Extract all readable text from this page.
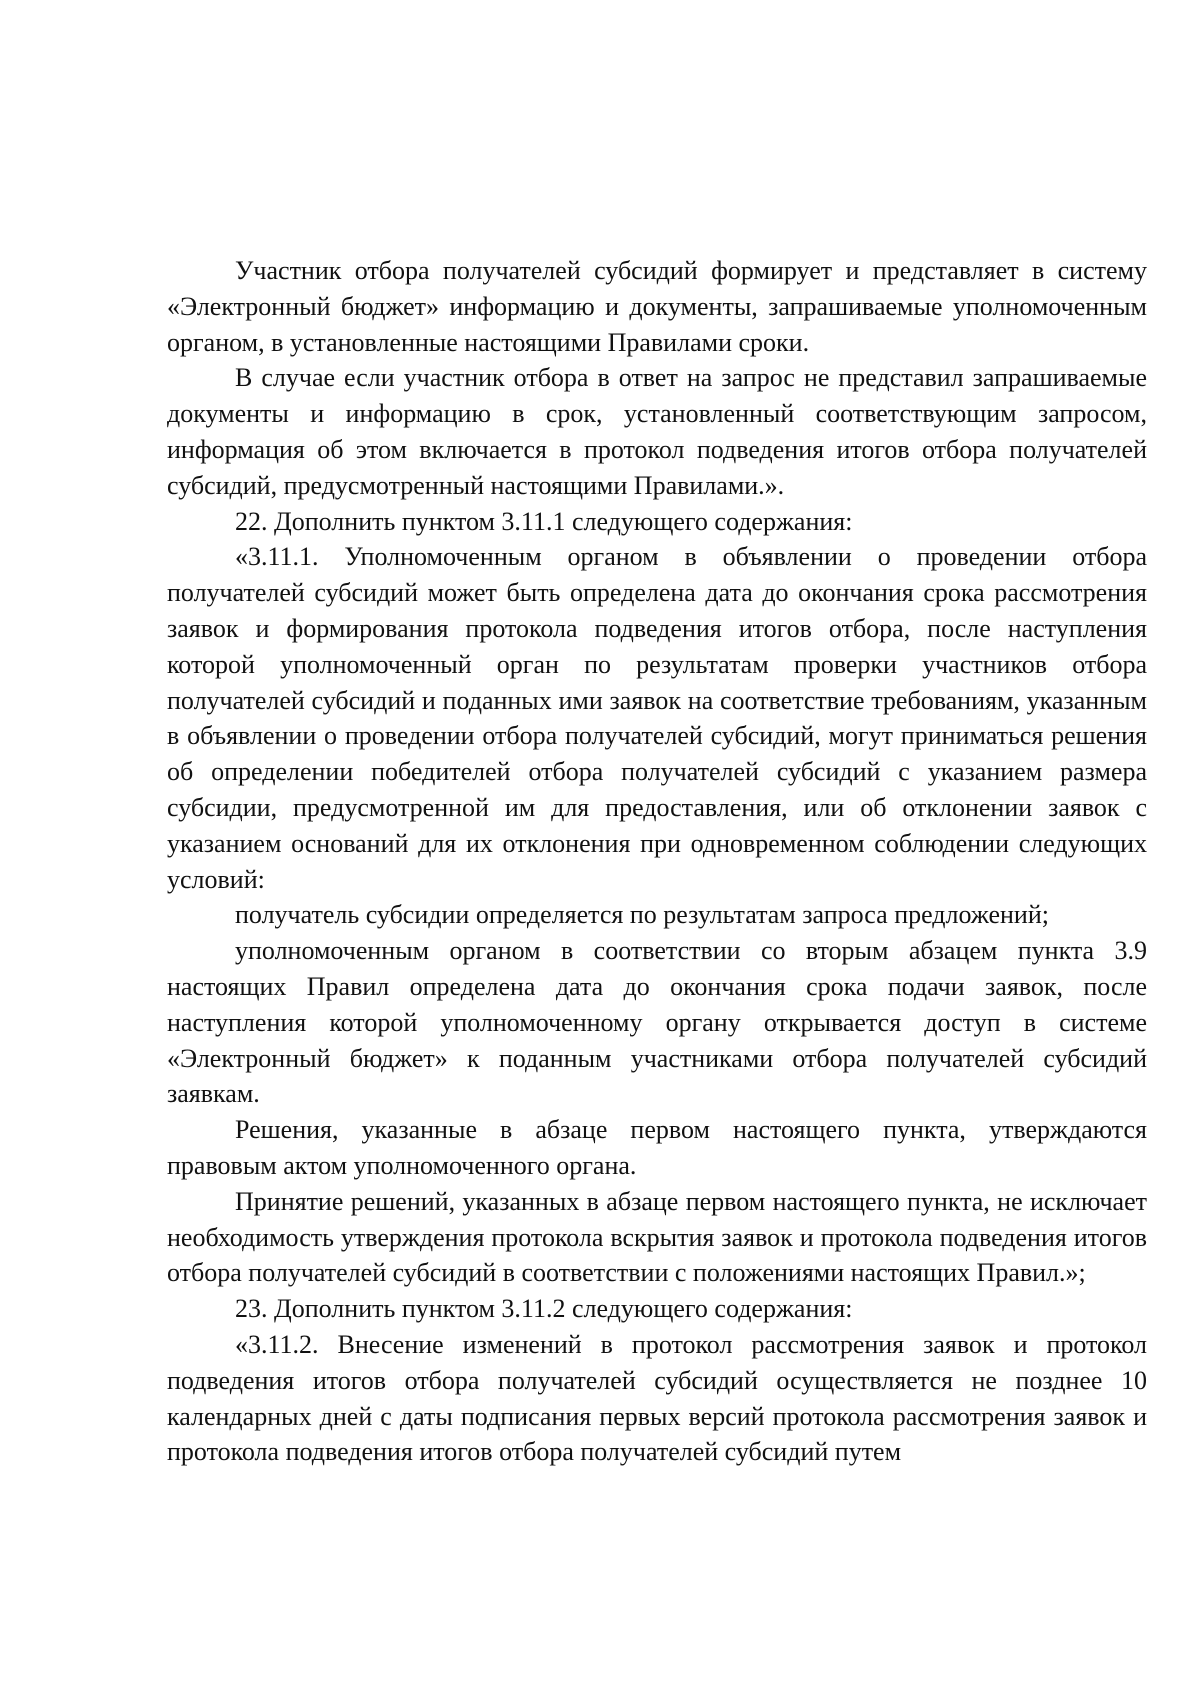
Участник отбора получателей субсидий формирует и представляет в систему «Электронный бюджет» информацию и документы, запрашиваемые уполномоченным органом, в установленные настоящими Правилами сроки.

В случае если участник отбора в ответ на запрос не представил запрашиваемые документы и информацию в срок, установленный соответствующим запросом, информация об этом включается в протокол подведения итогов отбора получателей субсидий, предусмотренный настоящими Правилами.».

22. Дополнить пунктом 3.11.1 следующего содержания:

«3.11.1. Уполномоченным органом в объявлении о проведении отбора получателей субсидий может быть определена дата до окончания срока рассмотрения заявок и формирования протокола подведения итогов отбора, после наступления которой уполномоченный орган по результатам проверки участников отбора получателей субсидий и поданных ими заявок на соответствие требованиям, указанным в объявлении о проведении отбора получателей субсидий, могут приниматься решения об определении победителей отбора получателей субсидий с указанием размера субсидии, предусмотренной им для предоставления, или об отклонении заявок с указанием оснований для их отклонения при одновременном соблюдении следующих условий:

получатель субсидии определяется по результатам запроса предложений;

уполномоченным органом в соответствии со вторым абзацем пункта 3.9 настоящих Правил определена дата до окончания срока подачи заявок, после наступления которой уполномоченному органу открывается доступ в системе «Электронный бюджет» к поданным участниками отбора получателей субсидий заявкам.

Решения, указанные в абзаце первом настоящего пункта, утверждаются правовым актом уполномоченного органа.

Принятие решений, указанных в абзаце первом настоящего пункта, не исключает необходимость утверждения протокола вскрытия заявок и протокола подведения итогов отбора получателей субсидий в соответствии с положениями настоящих Правил.»;

23. Дополнить пунктом 3.11.2 следующего содержания:

«3.11.2. Внесение изменений в протокол рассмотрения заявок и протокол подведения итогов отбора получателей субсидий осуществляется не позднее 10 календарных дней с даты подписания первых версий протокола рассмотрения заявок и протокола подведения итогов отбора получателей субсидий путем
